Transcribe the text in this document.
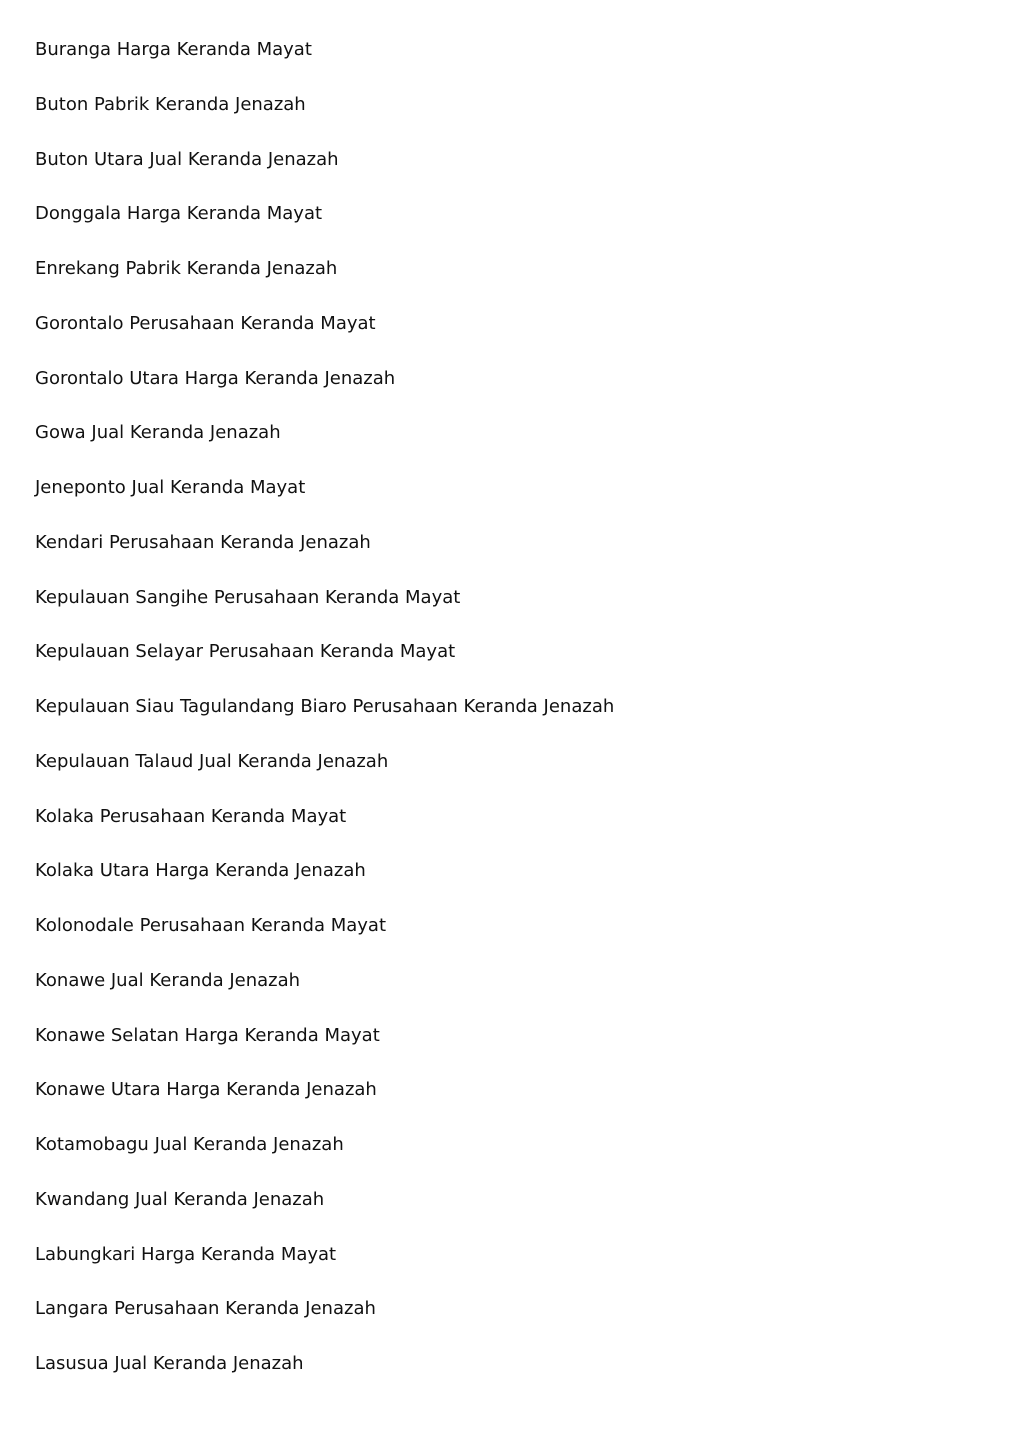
Buranga Harga Keranda Mayat
Buton Pabrik Keranda Jenazah
Buton Utara Jual Keranda Jenazah
Donggala Harga Keranda Mayat
Enrekang Pabrik Keranda Jenazah
Gorontalo Perusahaan Keranda Mayat
Gorontalo Utara Harga Keranda Jenazah
Gowa Jual Keranda Jenazah
Jeneponto Jual Keranda Mayat
Kendari Perusahaan Keranda Jenazah
Kepulauan Sangihe Perusahaan Keranda Mayat
Kepulauan Selayar Perusahaan Keranda Mayat
Kepulauan Siau Tagulandang Biaro Perusahaan Keranda Jenazah
Kepulauan Talaud Jual Keranda Jenazah
Kolaka Perusahaan Keranda Mayat
Kolaka Utara Harga Keranda Jenazah
Kolonodale Perusahaan Keranda Mayat
Konawe Jual Keranda Jenazah
Konawe Selatan Harga Keranda Mayat
Konawe Utara Harga Keranda Jenazah
Kotamobagu Jual Keranda Jenazah
Kwandang Jual Keranda Jenazah
Labungkari Harga Keranda Mayat
Langara Perusahaan Keranda Jenazah
Lasusua Jual Keranda Jenazah
